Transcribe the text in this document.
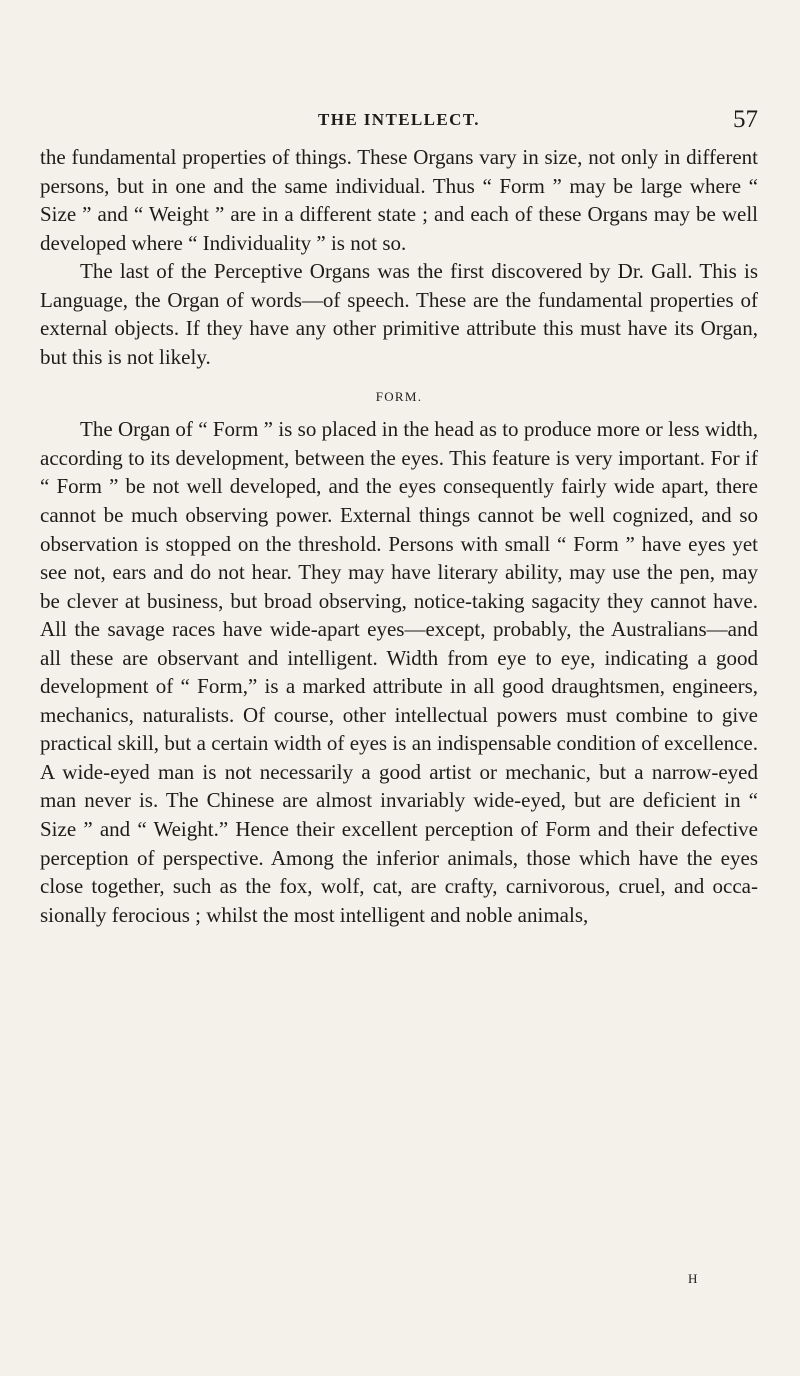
THE INTELLECT.	57

the fundamental properties of things. These Organs vary in size, not only in different persons, but in one and the same individual. Thus “ Form ” may be large where “ Size ” and “ Weight ” are in a different state ; and each of these Organs may be well developed where “ Individuality ” is not so.

The last of the Perceptive Organs was the first discovered by Dr. Gall. This is Language, the Organ of words—of speech. These are the fundamental properties of external objects. If they have any other primitive attribute this must have its Organ, but this is not likely.

FORM.

The Organ of “ Form ” is so placed in the head as to produce more or less width, according to its development, between the eyes. This feature is very important. For if “ Form ” be not well developed, and the eyes consequently fairly wide apart, there cannot be much observing power. External things cannot be well cognized, and so observation is stopped on the threshold. Persons with small “ Form ” have eyes yet see not, ears and do not hear. They may have literary ability, may use the pen, may be clever at business, but broad observing, notice-taking sagacity they cannot have. All the savage races have wide-apart eyes—except, probably, the Australians—and all these are observant and intelligent. Width from eye to eye, indicating a good development of “ Form,” is a marked attribute in all good draughtsmen, engineers, mechanics, naturalists. Of course, other intellectual powers must combine to give practical skill, but a certain width of eyes is an indispensable condition of excellence. A wide-eyed man is not necessarily a good artist or mechanic, but a narrow-eyed man never is. The Chinese are almost invariably wide-eyed, but are deficient in “ Size ” and “ Weight.” Hence their excellent perception of Form and their defective perception of perspective. Among the inferior animals, those which have the eyes close together, such as the fox, wolf, cat, are crafty, carnivorous, cruel, and occasionally ferocious ; whilst the most intelligent and noble animals,

H
